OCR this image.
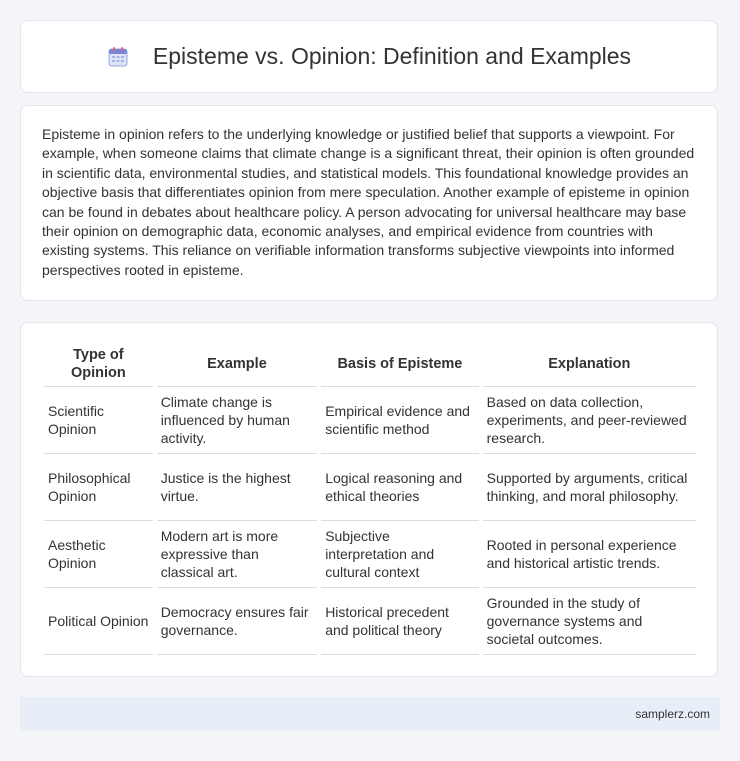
Episteme vs. Opinion: Definition and Examples

Episteme in opinion refers to the underlying knowledge or justified belief that supports a viewpoint. For example, when someone claims that climate change is a significant threat, their opinion is often grounded in scientific data, environmental studies, and statistical models. This foundational knowledge provides an objective basis that differentiates opinion from mere speculation. Another example of episteme in opinion can be found in debates about healthcare policy. A person advocating for universal healthcare may base their opinion on demographic data, economic analyses, and empirical evidence from countries with existing systems. This reliance on verifiable information transforms subjective viewpoints into informed perspectives rooted in episteme.

Type of Opinion	Example	Basis of Episteme	Explanation
Scientific Opinion	Climate change is influenced by human activity.	Empirical evidence and scientific method	Based on data collection, experiments, and peer-reviewed research.
Philosophical Opinion	Justice is the highest virtue.	Logical reasoning and ethical theories	Supported by arguments, critical thinking, and moral philosophy.
Aesthetic Opinion	Modern art is more expressive than classical art.	Subjective interpretation and cultural context	Rooted in personal experience and historical artistic trends.
Political Opinion	Democracy ensures fair governance.	Historical precedent and political theory	Grounded in the study of governance systems and societal outcomes.
samplerz.com
